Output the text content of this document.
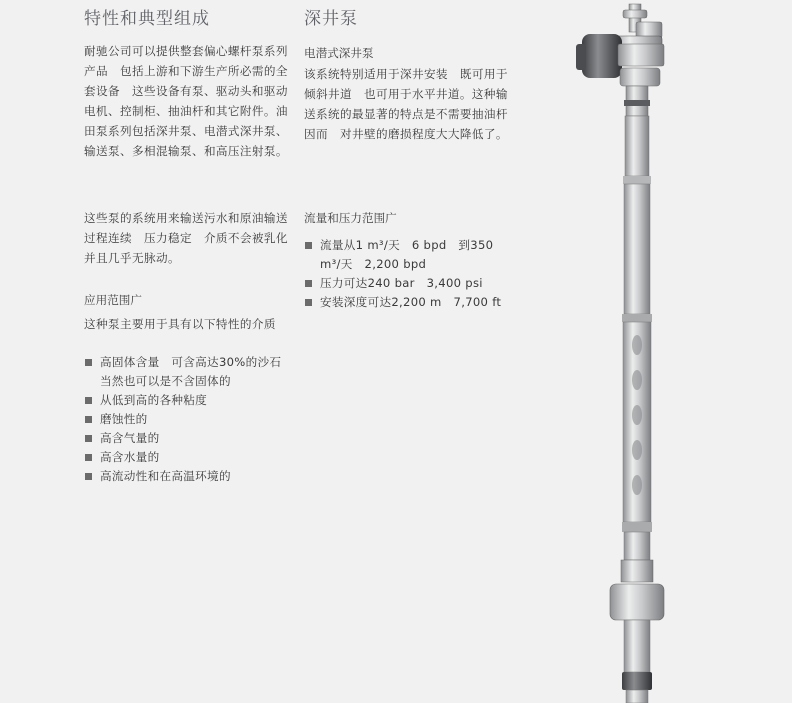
特性和典型组成

耐驰公司可以提供整套偏心螺杆泵系列产品　包括上游和下游生产所必需的全套设备　这些设备有泵、驱动头和驱动电机、控制柜、抽油杆和其它附件。油田泵系列包括深井泵、电潜式深井泵、输送泵、多相混输泵、和高压注射泵。

这些泵的系统用来输送污水和原油输送过程连续　压力稳定　介质不会被乳化　并且几乎无脉动。

应用范围广

这种泵主要用于具有以下特性的介质

高固体含量　可含高达30%的沙石　　当然也可以是不含固体的
从低到高的各种粘度
磨蚀性的
高含气量的
高含水量的
高流动性和在高温环境的
深井泵
电潜式深井泵

该系统特别适用于深井安装　既可用于倾斜井道　也可用于水平井道。这种输送系统的最显著的特点是不需要抽油杆　因而　对井壁的磨损程度大大降低了。

流量和压力范围广
流量从1 m³/天　6 bpd　到350 m³/天　2,200 bpd
压力可达240 bar　3,400 psi
安装深度可达2,200 m　7,700 ft
